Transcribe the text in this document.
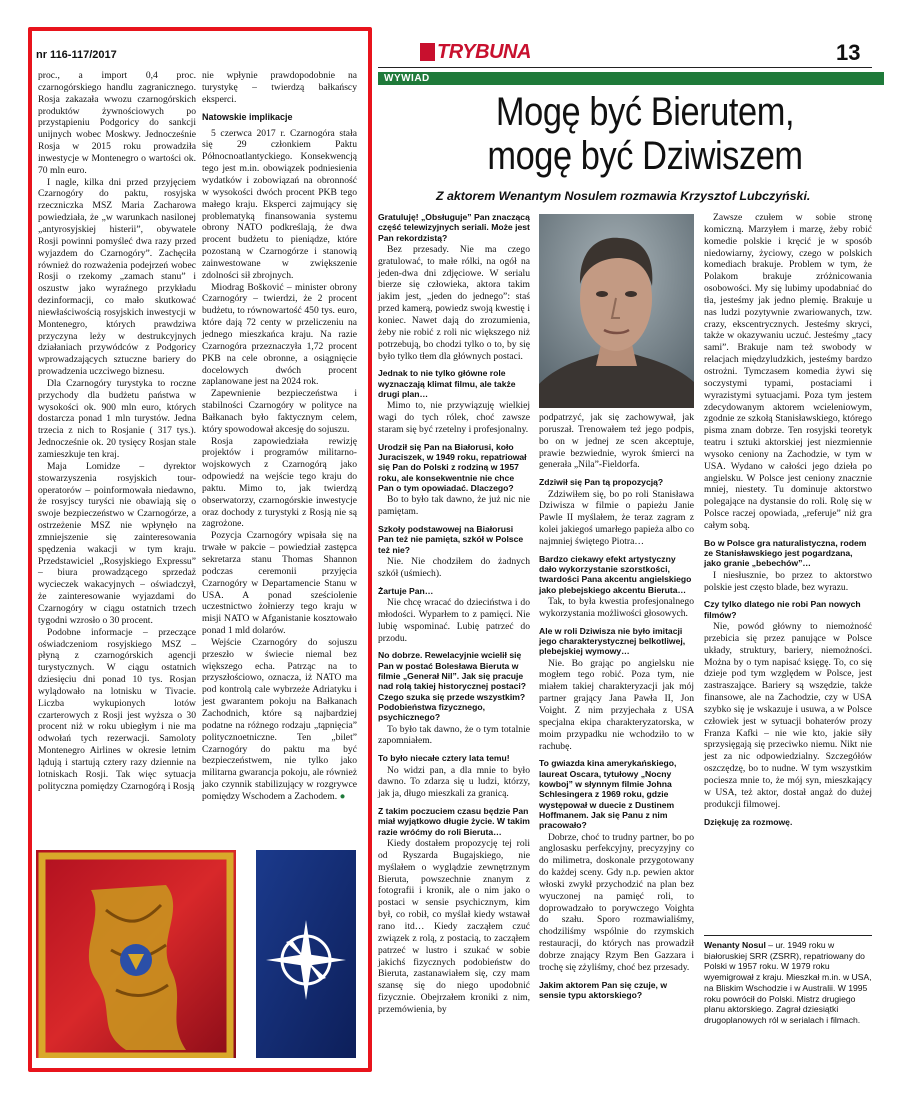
nr 116-117/2017	TRYBUNA	13

proc., a import 0,4 proc. czarnogórskiego handlu zagranicznego. Rosja zakazała wwozu czarnogórskich produktów żywnościowych po przystąpieniu Podgoricy do sankcji unijnych wobec Moskwy. Jednocześnie Rosja w 2015 roku prowadziła inwestycje w Montenegro o wartości ok. 70 mln euro.

I nagle, kilka dni przed przyjęciem Czarnogóry do paktu, rosyjska rzeczniczka MSZ Maria Zacharowa powiedziała, że „w warunkach nasilonej „antyrosyjskiej histerii”, obywatele Rosji powinni pomyśleć dwa razy przed wyjazdem do Czarnogóry”. Zachęciła również do rozważenia podejrzeń wobec Rosji o rzekomy „zamach stanu” i oszustw jako wyraźnego przykładu dezinformacji, co mało skutkować niewłaściwością rosyjskich inwestycji w Montenegro, których prawdziwa przyczyna leży w destrukcyjnych działaniach przywódców z Podgoricy wprowadzających sztuczne bariery do prowadzenia uczciwego biznesu.

Dla Czarnogóry turystyka to roczne przychody dla budżetu państwa w wysokości ok. 900 mln euro, których dostarcza ponad 1 mln turystów. Jedna trzecia z nich to Rosjanie ( 317 tys.). Jednocześnie ok. 20 tysięcy Rosjan stale zamieszkuje ten kraj.

Maja Lomidze – dyrektor stowarzyszenia rosyjskich tour-operatorów – poinformowała niedawno, że rosyjscy turyści nie obawiają się o swoje bezpieczeństwo w Czarnogórze, a ostrzeżenie MSZ nie wpłynęło na zmniejszenie się zainteresowania spędzenia wakacji w tym kraju. Przedstawiciel „Rosyjskiego Expressu” – biura prowadzącego sprzedaż wycieczek wakacyjnych – oświadczył, że zainteresowanie wyjazdami do Czarnogóry w ciągu ostatnich trzech tygodni wzrosło o 30 procent.

Podobne informacje – przeczące oświadczeniom rosyjskiego MSZ – płyną z czarnogórskich agencji turystycznych. W ciągu ostatnich dziesięciu dni ponad 10 tys. Rosjan wylądowało na lotnisku w Tivacie. Liczba wykupionych lotów czarterowych z Rosji jest wyższa o 30 procent niż w roku ubiegłym i nie ma odwołań tych rezerwacji. Samoloty Montenegro Airlines w okresie letnim lądują i startują cztery razy dziennie na lotniskach Rosji. Tak więc sytuacja polityczna pomiędzy Czarnogórą i Rosją

nie wpłynie prawdopodobnie na turystykę – twierdzą bałkańscy eksperci.

Natowskie implikacje

5 czerwca 2017 r. Czarnogóra stała się 29 członkiem Paktu Północnoatlantyckiego. Konsekwencją tego jest m.in. obowiązek podniesienia wydatków i zobowiązań na obronność w wysokości dwóch procent PKB tego małego kraju. Eksperci zajmujący się problematyką finansowania systemu obrony NATO podkreślają, że dwa procent budżetu to pieniądze, które pozostaną w Czarnogórze i stanowią zainwestowane w zwiększenie zdolności sił zbrojnych.

Miodrag Bošković – minister obrony Czarnogóry – twierdzi, że 2 procent budżetu, to równowartość 450 tys. euro, które dają 72 centy w przeliczeniu na jednego mieszkańca kraju. Na razie Czarnogóra przeznaczyła 1,72 procent PKB na cele obronne, a osiągnięcie docelowych dwóch procent zaplanowane jest na 2024 rok.

Zapewnienie bezpieczeństwa i stabilności Czarnogóry w polityce na Bałkanach było faktycznym celem, który spowodował akcesję do sojuszu.

Rosja zapowiedziała rewizję projektów i programów militarno-wojskowych z Czarnogórą jako odpowiedź na wejście tego kraju do paktu. Mimo to, jak twierdzą obserwatorzy, czarnogórskie inwestycje oraz dochody z turystyki z Rosją nie są zagrożone.

Pozycja Czarnogóry wpisała się na trwałe w pakcie – powiedział zastępca sekretarza stanu Thomas Shannon podczas ceremonii przyjęcia Czarnogóry w Departamencie Stanu w USA. A ponad sześciolenie uczestnictwo żołnierzy tego kraju w misji NATO w Afganistanie kosztowało ponad 1 mld dolarów.

Wejście Czarnogóry do sojuszu przeszło w świecie niemal bez większego echa. Patrząc na to przyszłościowo, oznacza, iż NATO ma pod kontrolą cale wybrzeże Adriatyku i jest gwarantem pokoju na Bałkanach Zachodnich, które są najbardziej podatne na różnego rodzaju „tąpnięcia” politycznoetniczne. Ten „bilet” Czarnogóry do paktu ma być bezpieczeństwem, nie tylko jako militarna gwarancja pokoju, ale również jako czynnik stabilizujący w rozgrywce pomiędzy Wschodem a Zachodem. ●

WYWIAD
Mogę być Bierutem,
mogę być Dziwiszem
Z aktorem Wenantym Nosulem rozmawia Krzysztof Lubczyński.
Gratuluję! „Obsługuje” Pan znaczącą część telewizyjnych seriali. Może jest Pan rekordzistą?

Bez przesady. Nie ma czego gratulować, to małe rólki, na ogół na jeden-dwa dni zdjęciowe. W serialu bierze się człowieka, aktora takim jakim jest, „jeden do jednego”: staś przed kamerą, powiedz swoją kwestię i koniec. Nawet dają do zrozumienia, żeby nie robić z roli nic większego niż potrzebują, bo chodzi tylko o to, by się było tylko tłem dla głównych postaci.

Jednak to nie tylko główne role wyznaczają klimat filmu, ale także drugi plan…

Mimo to, nie przywiązuję wielkiej wagi do tych rólek, choć zawsze staram się być rzetelny i profesjonalny.

Urodził się Pan na Białorusi, koło Juraciszek, w 1949 roku, repatriował się Pan do Polski z rodziną w 1957 roku, ale konsekwentnie nie chce Pan o tym opowiadać. Dlaczego?

Bo to było tak dawno, że już nic nie pamiętam.

Szkoły podstawowej na Białorusi Pan też nie pamięta, szkół w Polsce też nie?

Nie. Nie chodziłem do żadnych szkół (uśmiech).

Żartuje Pan…

Nie chcę wracać do dzieciństwa i do młodości. Wyparłem to z pamięci. Nie lubię wspominać. Lubię patrzeć do przodu.

No dobrze. Rewelacyjnie wcielił się Pan w postać Bolesława Bieruta w filmie „Generał Nil”. Jak się pracuje nad rolą takiej historycznej postaci? Czego szuka się przede wszystkim? Podobieństwa fizycznego, psychicznego?

To było tak dawno, że o tym totalnie zapomniałem.

To było niecałe cztery lata temu!

No widzi pan, a dla mnie to było dawno. To zdarza się u ludzi, którzy, jak ja, długo mieszkali za granicą.

Z takim poczuciem czasu będzie Pan miał wyjątkowo długie życie. W takim razie wróćmy do roli Bieruta…

Kiedy dostałem propozycję tej roli od Ryszarda Bugajskiego, nie myślałem o wyglądzie zewnętrznym Bieruta, powszechnie znanym z fotografii i kronik, ale o nim jako o postaci w sensie psychicznym, kim był, co robił, co myślał kiedy wstawał rano itd… Kiedy zacząłem czuć związek z rolą, z postacią, to zacząłem patrzeć w lustro i szukać w sobie jakichś fizycznych podobieństw do Bieruta, zastanawiałem się, czy mam szansę się do niego upodobnić fizycznie. Obejrzałem kroniki z nim, przemówienia, by

podpatrzyć, jak się zachowywał, jak poruszał. Trenowałem też jego podpis, bo on w jednej ze scen akceptuje, prawie bezwiednie, wyrok śmierci na generała „Nila”-Fieldorfa.

Zdziwił się Pan tą propozycją?

Zdziwiłem się, bo po roli Stanisława Dziwisza w filmie o papieżu Janie Pawle II myślałem, że teraz zagram z kolei jakiegoś umarłego papieża albo co najmniej świętego Piotra…

Bardzo ciekawy efekt artystyczny dało wykorzystanie szorstkości, twardości Pana akcentu angielskiego jako plebejskiego akcentu Bieruta…

Tak, to była kwestia profesjonalnego wykorzystania możliwości głosowych.

Ale w roli Dziwisza nie było imitacji jego charakterystycznej belkotliwej, plebejskiej wymowy…

Nie. Bo grając po angielsku nie mogłem tego robić. Poza tym, nie miałem takiej charakteryzacji jak mój partner grający Jana Pawła II, Jon Voight. Z nim przyjechała z USA specjalna ekipa charakteryzatorska, w moim przypadku nie wchodziło to w rachubę.

To gwiazda kina amerykańskiego, laureat Oscara, tytułowy „Nocny kowboj” w słynnym filmie Johna Schlesingera z 1969 roku, gdzie występował w duecie z Dustinem Hoffmanem. Jak się Panu z nim pracowało?

Dobrze, choć to trudny partner, bo po anglosasku perfekcyjny, precyzyjny co do milimetra, doskonale przygotowany do każdej sceny. Gdy n.p. pewien aktor włoski zwykł przychodzić na plan bez wyuczonej na pamięć roli, to doprowadzało to porywczego Voighta do szału. Sporo rozmawialiśmy, chodziliśmy wspólnie do rzymskich restauracji, do których nas prowadził dobrze znający Rzym Ben Gazzara i trochę się zżyliśmy, choć bez przesady.

Jakim aktorem Pan się czuje, w sensie typu aktorskiego?

Zawsze czułem w sobie stronę komiczną. Marzyłem i marzę, żeby robić komedie polskie i kręcić je w sposób niedowiarny, życiowy, czego w polskich komediach brakuje. Problem w tym, że Polakom brakuje zróżnicowania osobowości. My się lubimy upodabniać do tła, jesteśmy jak jedno plemię. Brakuje u nas ludzi pozytywnie zwariowanych, tzw. crazy, ekscentrycznych. Jesteśmy skryci, także w okazywaniu uczuć. Jesteśmy „tacy sami”. Brakuje nam też swobody w relacjach międzyludzkich, jesteśmy bardzo ostrożni. Tymczasem komedia żywi się soczystymi typami, postaciami i wyrazistymi sytuacjami. Poza tym jestem zdecydowanym aktorem wcieleniowym, zgodnie ze szkołą Stanisławskiego, którego pisma znam dobrze. Ten rosyjski teoretyk teatru i sztuki aktorskiej jest niezmiennie wysoko ceniony na Zachodzie, w tym w USA. Wydano w całości jego dzieła po angielsku. W Polsce jest ceniony znacznie mniej, niestety. Tu dominuje aktorstwo polegające na dystansie do roli. Rolę się w Polsce raczej opowiada, „referuje” niż gra całym sobą.

Bo w Polsce gra naturalistyczna, rodem ze Stanisławskiego jest pogardzana, jako granie „bebechów”…

I niesłusznie, bo przez to aktorstwo polskie jest często blade, bez wyrazu.

Czy tylko dlatego nie robi Pan nowych filmów?

Nie, powód główny to niemożność przebicia się przez panujące w Polsce układy, struktury, bariery, niemożności. Można by o tym napisać księgę. To, co się dzieje pod tym względem w Polsce, jest zastraszające. Bariery są wszędzie, także finansowe, ale na Zachodzie, czy w USA szybko się je wskazuje i usuwa, a w Polsce człowiek jest w sytuacji bohaterów prozy Franza Kafki – nie wie kto, jakie siły sprzysięgają się przeciwko niemu. Nikt nie jest za nic odpowiedzialny. Szczegółów oszczędzę, bo to nudne. W tym wszystkim pociesza mnie to, że mój syn, mieszkający w USA, też aktor, dostał angaż do dużej produkcji filmowej.

Dziękuję za rozmowę.
Wenanty Nosul – ur. 1949 roku w białoruskiej SRR (ZSRR), repatriowany do Polski w 1957 roku. W 1979 roku wyemigrował z kraju. Mieszkał m.in. w USA, na Bliskim Wschodzie i w Australii. W 1995 roku powrócił do Polski. Mistrz drugiego planu aktorskiego. Zagrał dziesiątki drugoplanowych ról w serialach i filmach.
